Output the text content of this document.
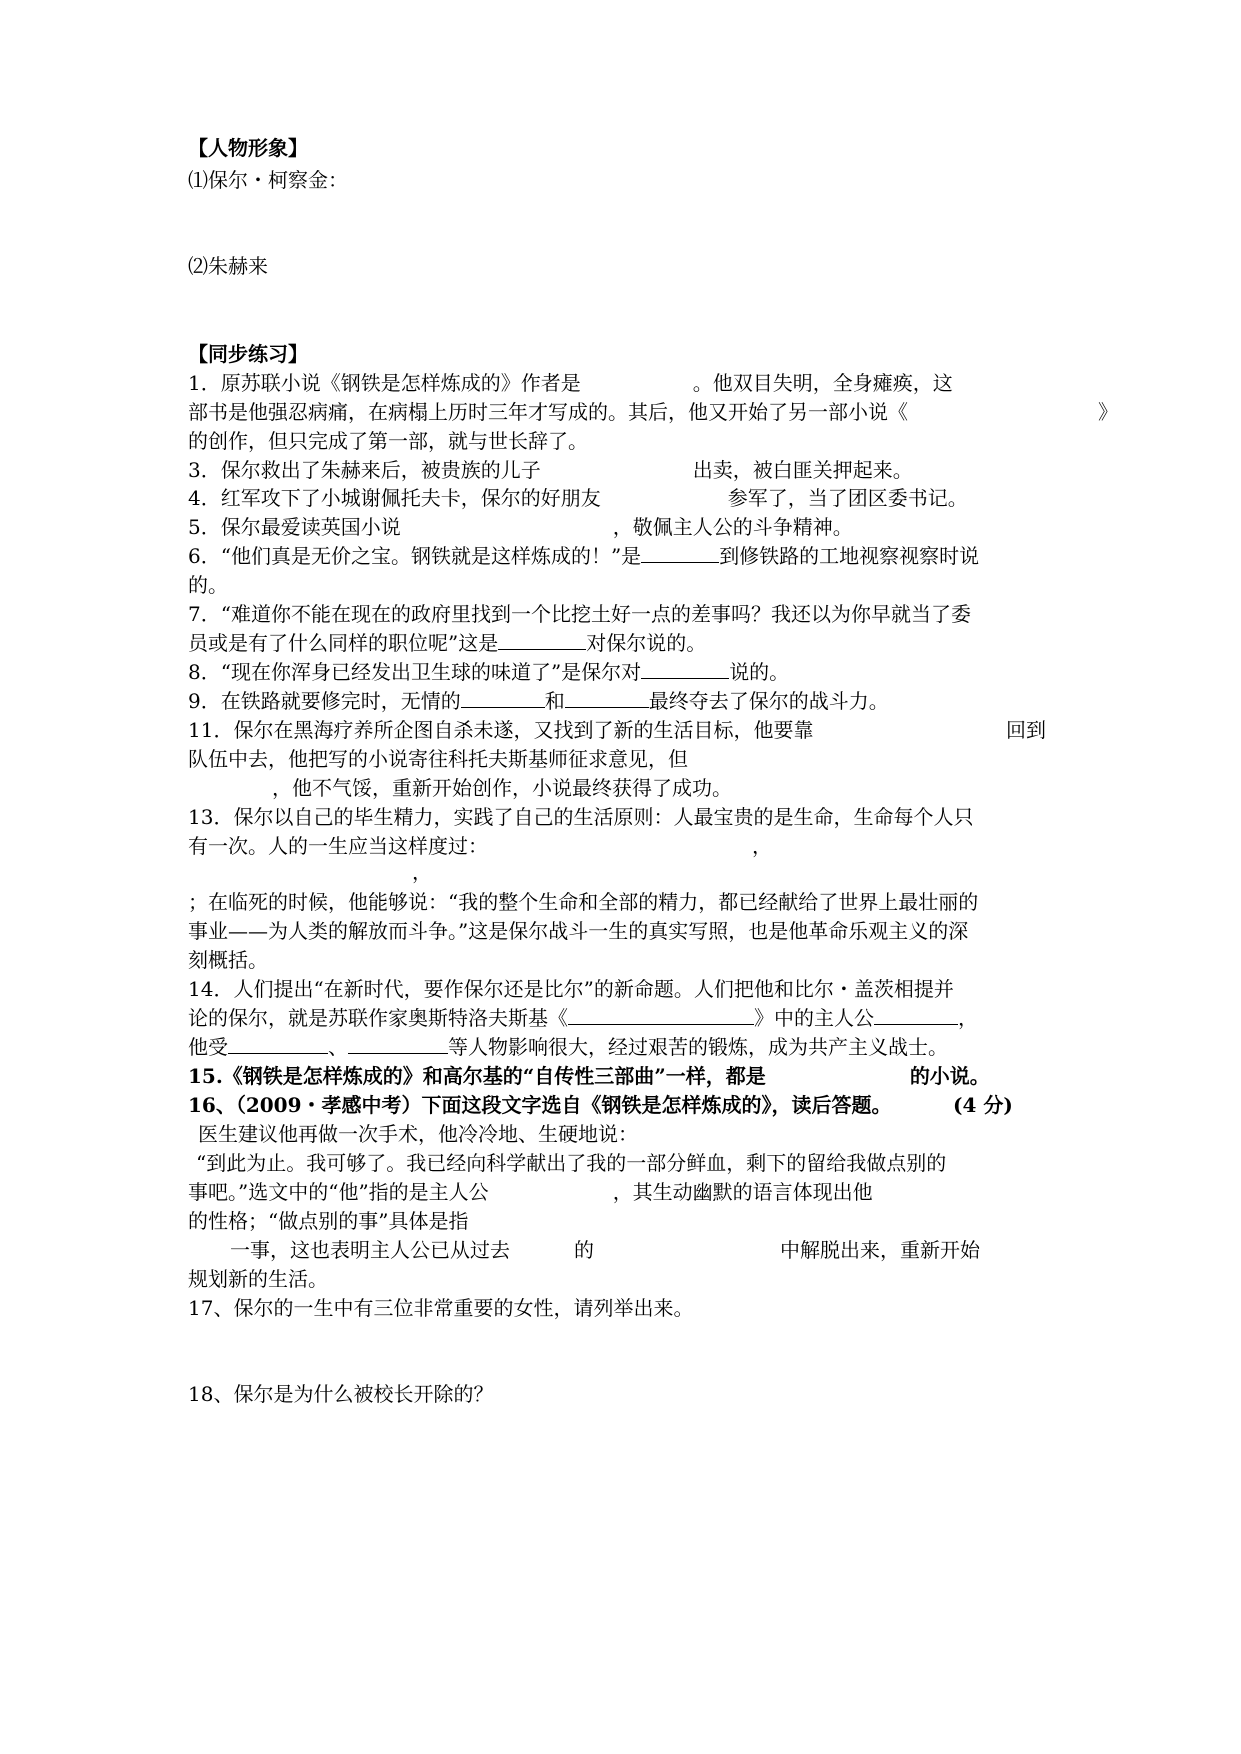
【人物形象】
⑴保尔・柯察金：
⑵朱赫来
【同步练习】
1．原苏联小说《钢铁是怎样炼成的》作者是	。他双目失明，全身瘫痪，这
部书是他强忍病痛，在病榻上历时三年才写成的。其后，他又开始了另一部小说《	》
的创作，但只完成了第一部，就与世长辞了。
3．保尔救出了朱赫来后，被贵族的儿子	出卖，被白匪关押起来。
4．红军攻下了小城谢佩托夫卡，保尔的好朋友	参军了，当了团区委书记。
5．保尔最爱读英国小说	，敬佩主人公的斗争精神。
6．“他们真是无价之宝。钢铁就是这样炼成的！”是	到修铁路的工地视察视察时说
的。
7．“难道你不能在现在的政府里找到一个比挖土好一点的差事吗？我还以为你早就当了委
员或是有了什么同样的职位呢”这是	对保尔说的。
8．“现在你浑身已经发出卫生球的味道了”是保尔对	说的。
9．在铁路就要修完时，无情的	和	最终夺去了保尔的战斗力。
11．保尔在黑海疗养所企图自杀未遂，又找到了新的生活目标，他要靠	回到
队伍中去，他把写的小说寄往科托夫斯基师征求意见，但
，他不气馁，重新开始创作，小说最终获得了成功。
13．保尔以自己的毕生精力，实践了自己的生活原则：人最宝贵的是生命，生命每个人只
有一次。人的一生应当这样度过：	，
，
；在临死的时候，他能够说：“我的整个生命和全部的精力，都已经献给了世界上最壮丽的
事业——为人类的解放而斗争。”这是保尔战斗一生的真实写照，也是他革命乐观主义的深
刻概括。
14．人们提出“在新时代，要作保尔还是比尔”的新命题。人们把他和比尔・盖茨相提并
论的保尔，就是苏联作家奥斯特洛夫斯基《	》中的主人公	，
他受	、	等人物影响很大，经过艰苦的锻炼，成为共产主义战士。
15.《钢铁是怎样炼成的》和高尔基的“自传性三部曲”一样，都是	的小说。
16、（2009・孝感中考）下面这段文字选自《钢铁是怎样炼成的》，读后答题。	(4 分)
医生建议他再做一次手术，他冷冷地、生硬地说：
“到此为止。我可够了。我已经向科学献出了我的一部分鲜血，剩下的留给我做点别的
事吧。”选文中的“他”指的是主人公	，其生动幽默的语言体现出他
的性格；“做点别的事”具体是指
一事，这也表明主人公已从过去	的	中解脱出来，重新开始
规划新的生活。
17、保尔的一生中有三位非常重要的女性，请列举出来。
18、保尔是为什么被校长开除的？
